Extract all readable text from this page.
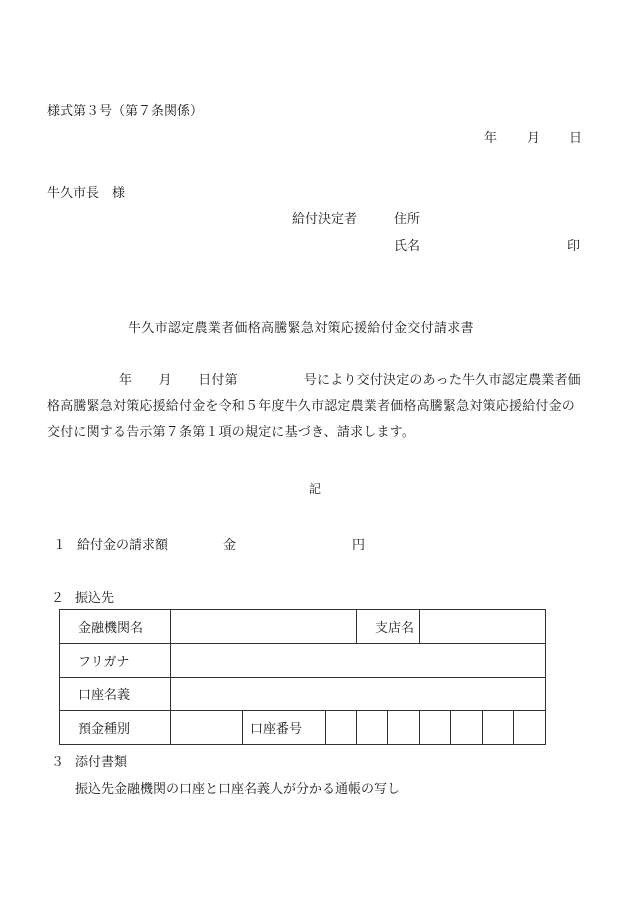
様式第３号（第７条関係）
年 月 日
牛久市長　様
給付決定者	住所
氏名	印
牛久市認定農業者価格高騰緊急対策応援給付金交付請求書
年　　月　　日付第　　　　　号により交付決定のあった牛久市認定農業者価格高騰緊急対策応援給付金を令和５年度牛久市認定農業者価格高騰緊急対策応援給付金の交付に関する告示第７条第１項の規定に基づき、請求します。
記
１ 給付金の請求額	金	円
２ 振込先
金融機関名				支店名					
フリガナ									
口座名義									
預金種別		口座番号							
３ 添付書類
振込先金融機関の口座と口座名義人が分かる通帳の写し
